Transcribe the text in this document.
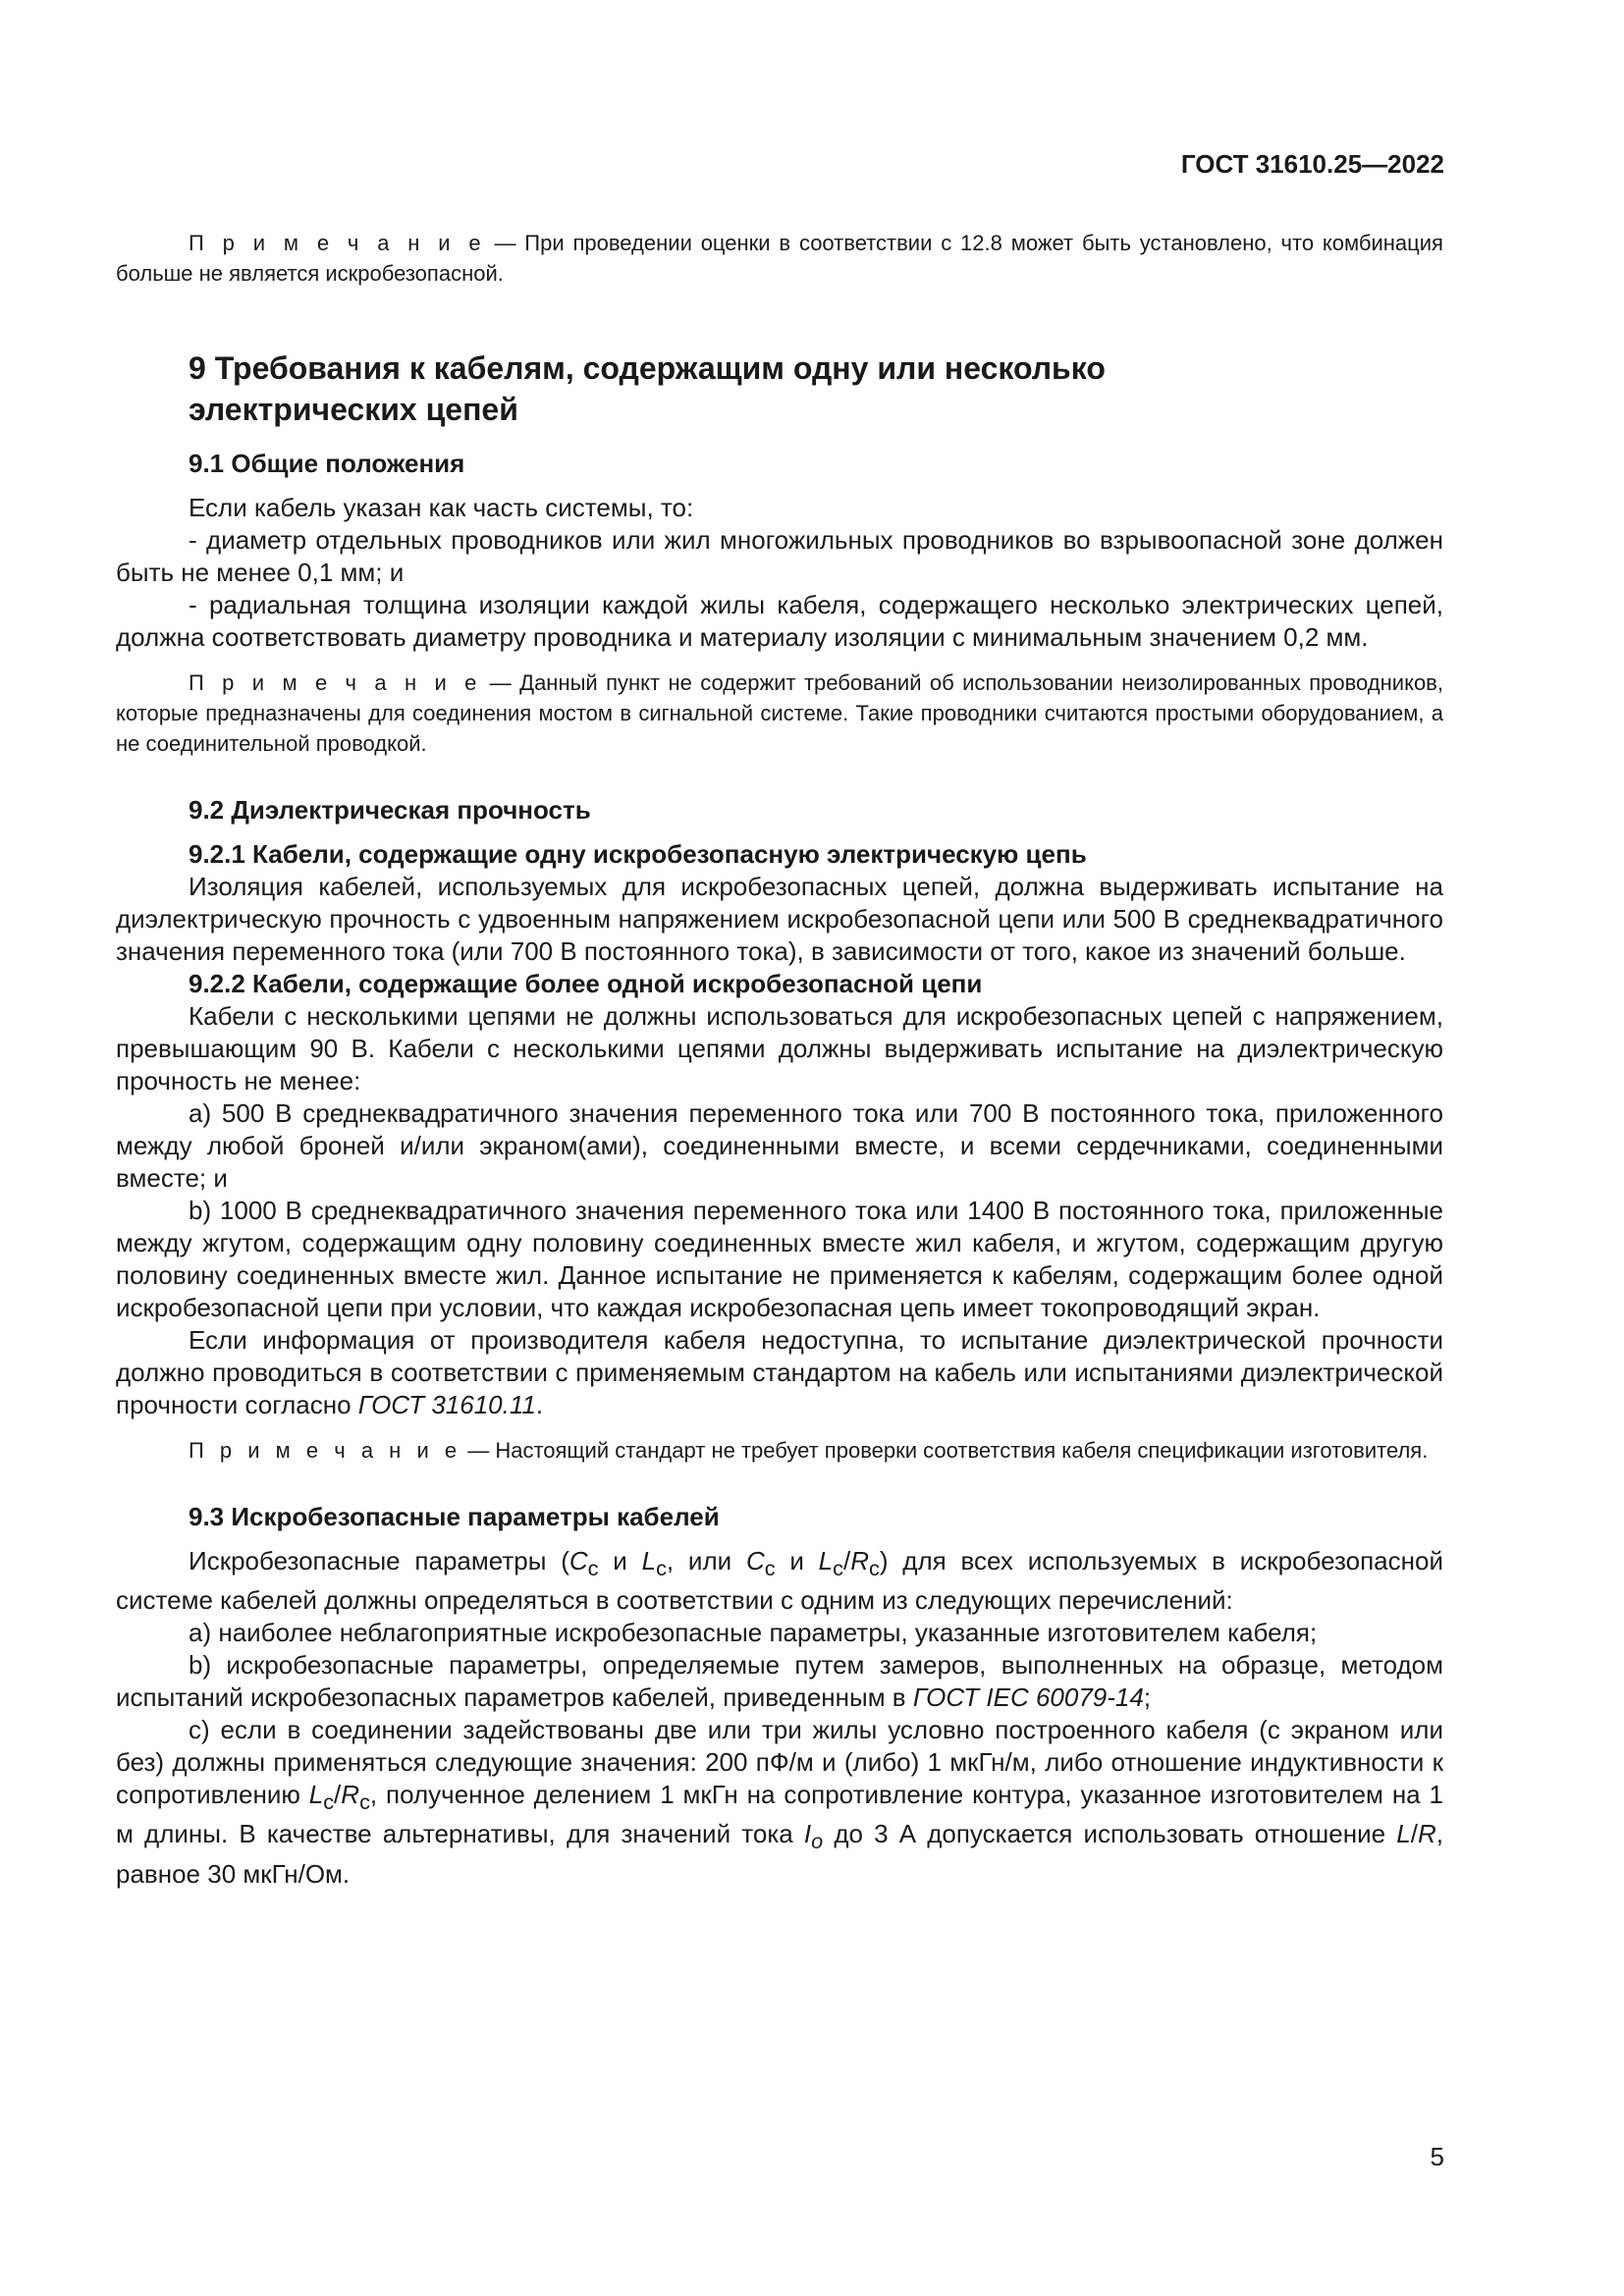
ГОСТ 31610.25—2022

П р и м е ч а н и е — При проведении оценки в соответствии с 12.8 может быть установлено, что комбинация больше не является искробезопасной.

9 Требования к кабелям, содержащим одну или несколько
электрических цепей
9.1 Общие положения

Если кабель указан как часть системы, то:

- диаметр отдельных проводников или жил многожильных проводников во взрывоопасной зоне должен быть не менее 0,1 мм; и

- радиальная толщина изоляции каждой жилы кабеля, содержащего несколько электрических цепей, должна соответствовать диаметру проводника и материалу изоляции с минимальным значением 0,2 мм.

П р и м е ч а н и е — Данный пункт не содержит требований об использовании неизолированных проводников, которые предназначены для соединения мостом в сигнальной системе. Такие проводники считаются простыми оборудованием, а не соединительной проводкой.

9.2 Диэлектрическая прочность
9.2.1 Кабели, содержащие одну искробезопасную электрическую цепь

Изоляция кабелей, используемых для искробезопасных цепей, должна выдерживать испытание на диэлектрическую прочность с удвоенным напряжением искробезопасной цепи или 500 В среднеквадратичного значения переменного тока (или 700 В постоянного тока), в зависимости от того, какое из значений больше.

9.2.2 Кабели, содержащие более одной искробезопасной цепи

Кабели с несколькими цепями не должны использоваться для искробезопасных цепей с напряжением, превышающим 90 В. Кабели с несколькими цепями должны выдерживать испытание на диэлектрическую прочность не менее:

а) 500 В среднеквадратичного значения переменного тока или 700 В постоянного тока, приложенного между любой броней и/или экраном(ами), соединенными вместе, и всеми сердечниками, соединенными вместе; и

b) 1000 В среднеквадратичного значения переменного тока или 1400 В постоянного тока, приложенные между жгутом, содержащим одну половину соединенных вместе жил кабеля, и жгутом, содержащим другую половину соединенных вместе жил. Данное испытание не применяется к кабелям, содержащим более одной искробезопасной цепи при условии, что каждая искробезопасная цепь имеет токопроводящий экран.

Если информация от производителя кабеля недоступна, то испытание диэлектрической прочности должно проводиться в соответствии с применяемым стандартом на кабель или испытаниями диэлектрической прочности согласно ГОСТ 31610.11.

П р и м е ч а н и е — Настоящий стандарт не требует проверки соответствия кабеля спецификации изготовителя.

9.3 Искробезопасные параметры кабелей

Искробезопасные параметры ($C_c$ и $L_c$, или $C_c$ и $L_c/R_c$) для всех используемых в искробезопасной системе кабелей должны определяться в соответствии с одним из следующих перечислений:

а) наиболее неблагоприятные искробезопасные параметры, указанные изготовителем кабеля;

b) искробезопасные параметры, определяемые путем замеров, выполненных на образце, методом испытаний искробезопасных параметров кабелей, приведенным в ГОСТ IEC 60079-14;

с) если в соединении задействованы две или три жилы условно построенного кабеля (с экраном или без) должны применяться следующие значения: 200 пФ/м и (либо) 1 мкГн/м, либо отношение индуктивности к сопротивлению $L_c/R_c$, полученное делением 1 мкГн на сопротивление контура, указанное изготовителем на 1 м длины. В качестве альтернативы, для значений тока $I_o$ до 3 А допускается использовать отношение L/R, равное 30 мкГн/Ом.

5
